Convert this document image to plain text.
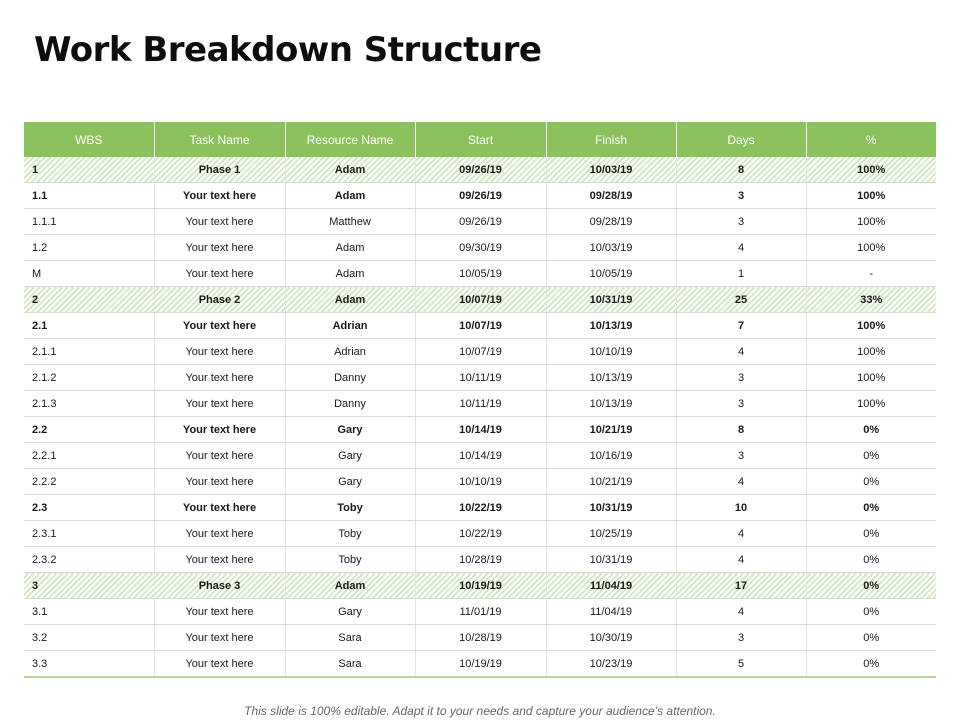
Work Breakdown Structure
WBS	Task Name	Resource Name	Start	Finish	Days	%
1	Phase 1	Adam	09/26/19	10/03/19	8	100%
1.1	Your text here	Adam	09/26/19	09/28/19	3	100%
1.1.1	Your text here	Matthew	09/26/19	09/28/19	3	100%
1.2	Your text here	Adam	09/30/19	10/03/19	4	100%
M	Your text here	Adam	10/05/19	10/05/19	1	-
2	Phase 2	Adam	10/07/19	10/31/19	25	33%
2.1	Your text here	Adrian	10/07/19	10/13/19	7	100%
2.1.1	Your text here	Adrian	10/07/19	10/10/19	4	100%
2.1.2	Your text here	Danny	10/11/19	10/13/19	3	100%
2.1.3	Your text here	Danny	10/11/19	10/13/19	3	100%
2.2	Your text here	Gary	10/14/19	10/21/19	8	0%
2.2.1	Your text here	Gary	10/14/19	10/16/19	3	0%
2.2.2	Your text here	Gary	10/10/19	10/21/19	4	0%
2.3	Your text here	Toby	10/22/19	10/31/19	10	0%
2.3.1	Your text here	Toby	10/22/19	10/25/19	4	0%
2.3.2	Your text here	Toby	10/28/19	10/31/19	4	0%
3	Phase 3	Adam	10/19/19	11/04/19	17	0%
3.1	Your text here	Gary	11/01/19	11/04/19	4	0%
3.2	Your text here	Sara	10/28/19	10/30/19	3	0%
3.3	Your text here	Sara	10/19/19	10/23/19	5	0%
This slide is 100% editable. Adapt it to your needs and capture your audience’s attention.
